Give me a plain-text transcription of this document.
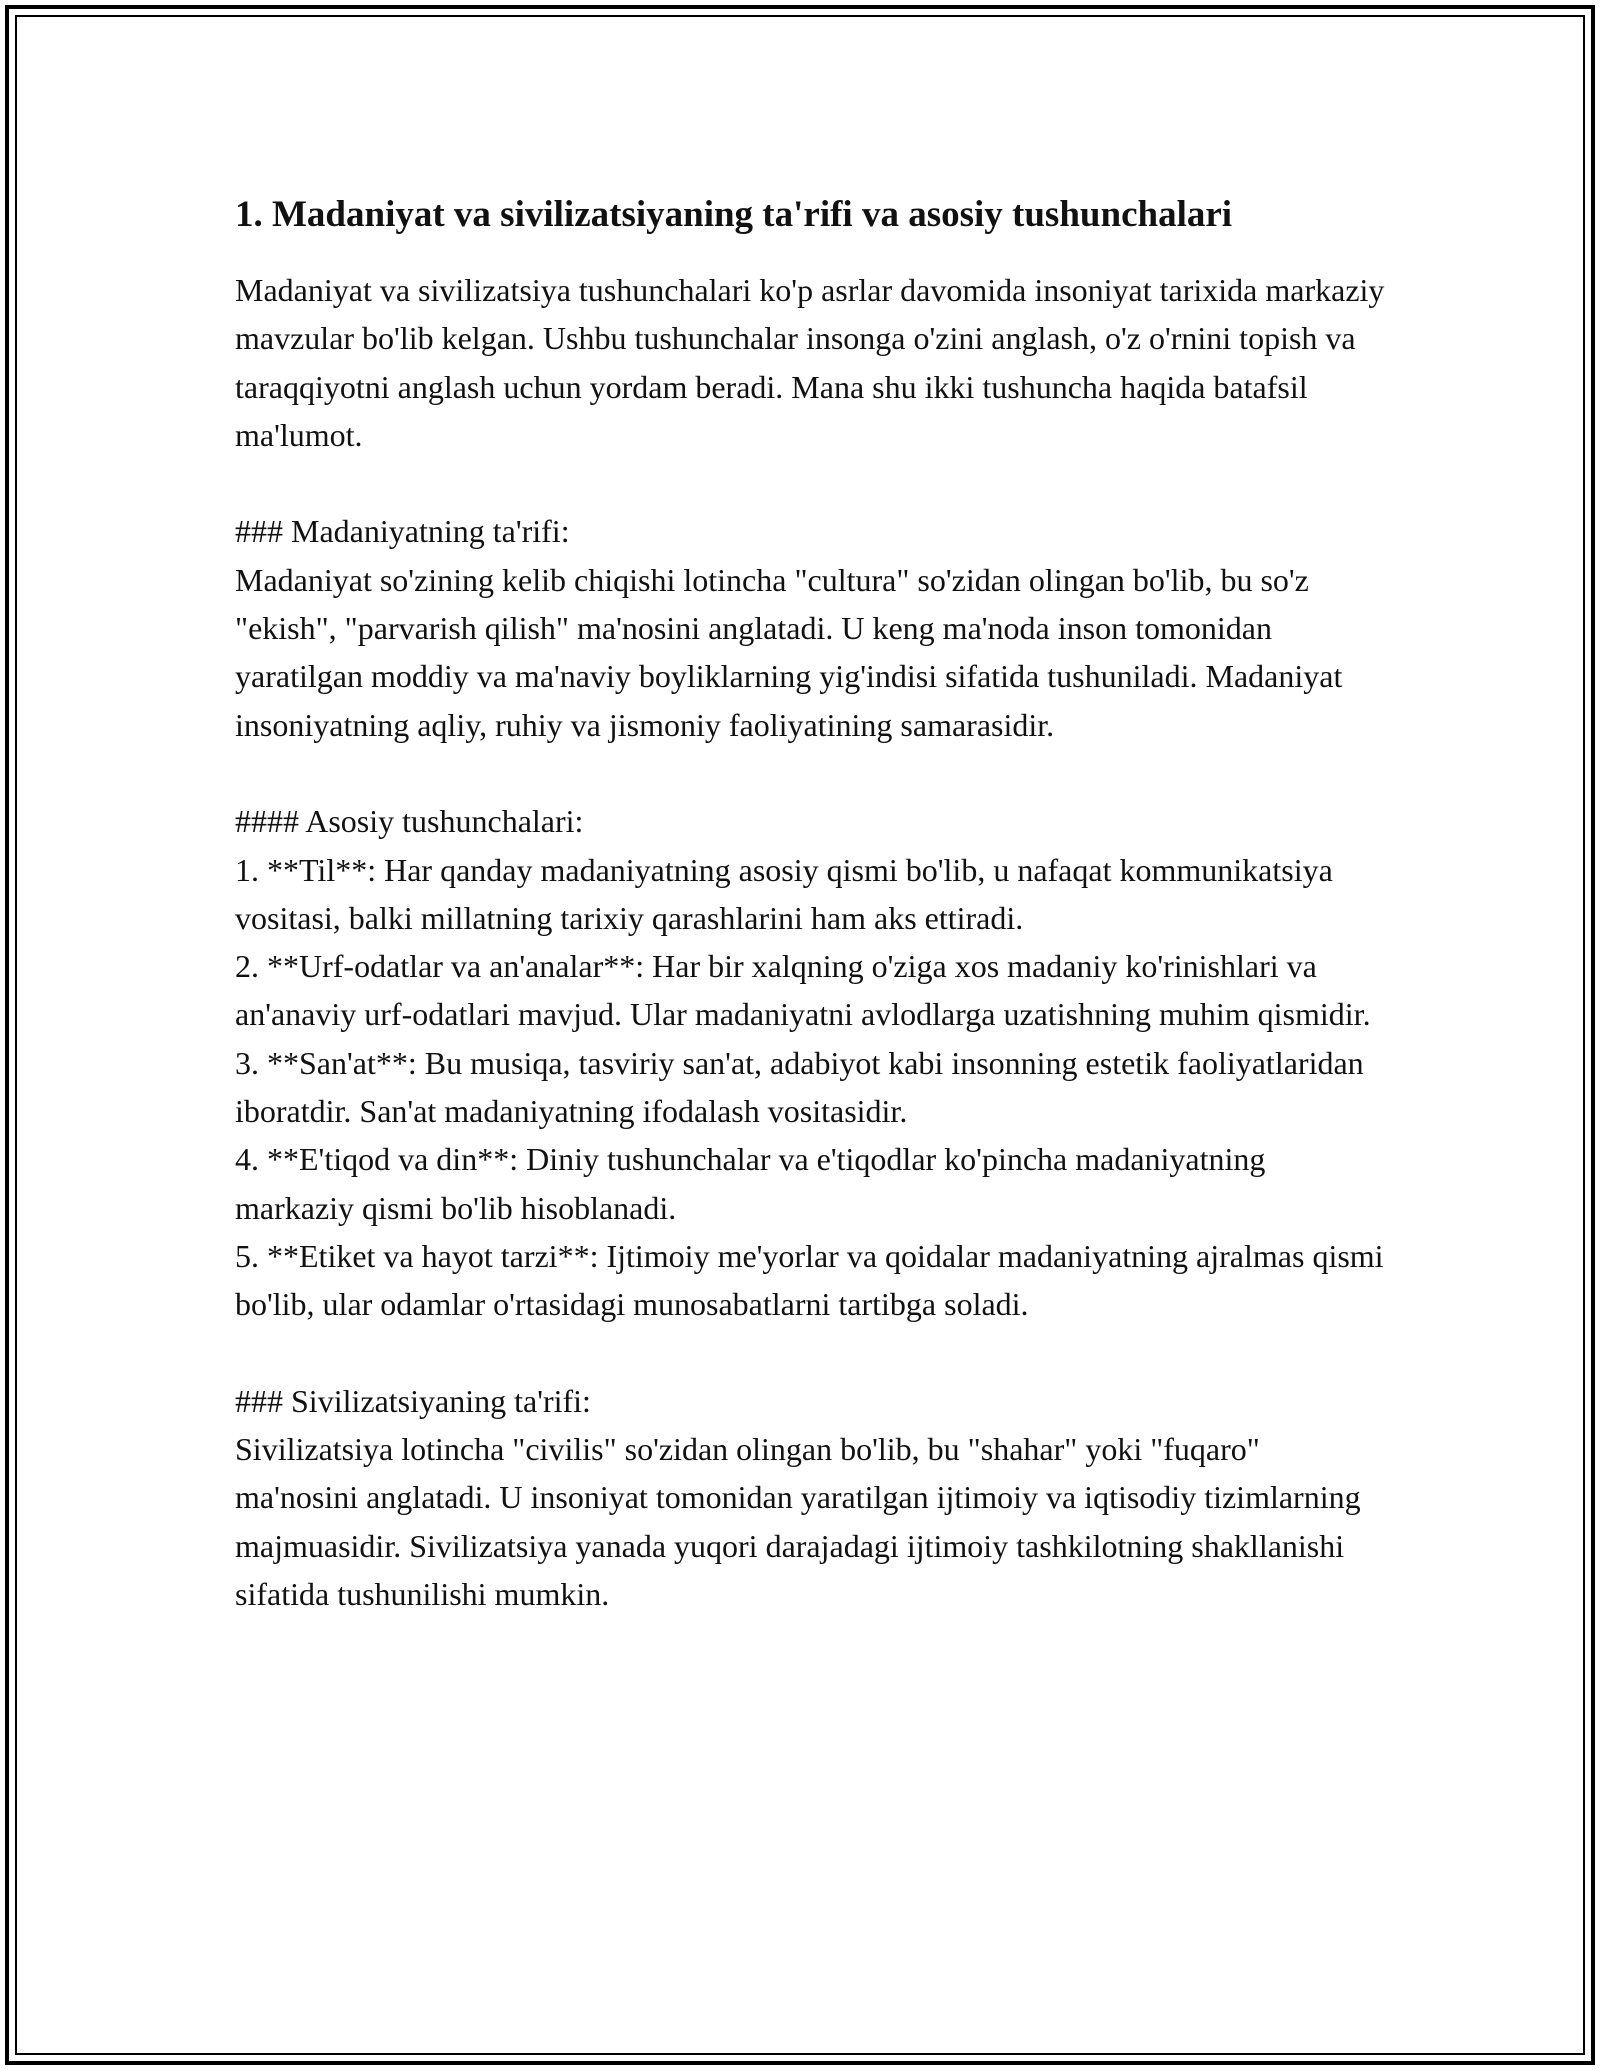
1. Madaniyat va sivilizatsiyaning ta'rifi va asosiy tushunchalari

Madaniyat va sivilizatsiya tushunchalari ko'p asrlar davomida insoniyat tarixida markaziy mavzular bo'lib kelgan. Ushbu tushunchalar insonga o'zini anglash, o'z o'rnini topish va taraqqiyotni anglash uchun yordam beradi. Mana shu ikki tushuncha haqida batafsil ma'lumot.

### Madaniyatning ta'rifi:

Madaniyat so'zining kelib chiqishi lotincha "cultura" so'zidan olingan bo'lib, bu so'z "ekish", "parvarish qilish" ma'nosini anglatadi. U keng ma'noda inson tomonidan yaratilgan moddiy va ma'naviy boyliklarning yig'indisi sifatida tushuniladi. Madaniyat insoniyatning aqliy, ruhiy va jismoniy faoliyatining samarasidir.

#### Asosiy tushunchalari:

1. **Til**: Har qanday madaniyatning asosiy qismi bo'lib, u nafaqat kommunikatsiya vositasi, balki millatning tarixiy qarashlarini ham aks ettiradi.

2. **Urf-odatlar va an'analar**: Har bir xalqning o'ziga xos madaniy ko'rinishlari va an'anaviy urf-odatlari mavjud. Ular madaniyatni avlodlarga uzatishning muhim qismidir.

3. **San'at**: Bu musiqa, tasviriy san'at, adabiyot kabi insonning estetik faoliyatlaridan iboratdir. San'at madaniyatning ifodalash vositasidir.

4. **E'tiqod va din**: Diniy tushunchalar va e'tiqodlar ko'pincha madaniyatning markaziy qismi bo'lib hisoblanadi.

5. **Etiket va hayot tarzi**: Ijtimoiy me'yorlar va qoidalar madaniyatning ajralmas qismi bo'lib, ular odamlar o'rtasidagi munosabatlarni tartibga soladi.

### Sivilizatsiyaning ta'rifi:

Sivilizatsiya lotincha "civilis" so'zidan olingan bo'lib, bu "shahar" yoki "fuqaro" ma'nosini anglatadi. U insoniyat tomonidan yaratilgan ijtimoiy va iqtisodiy tizimlarning majmuasidir. Sivilizatsiya yanada yuqori darajadagi ijtimoiy tashkilotning shakllanishi sifatida tushunilishi mumkin.
